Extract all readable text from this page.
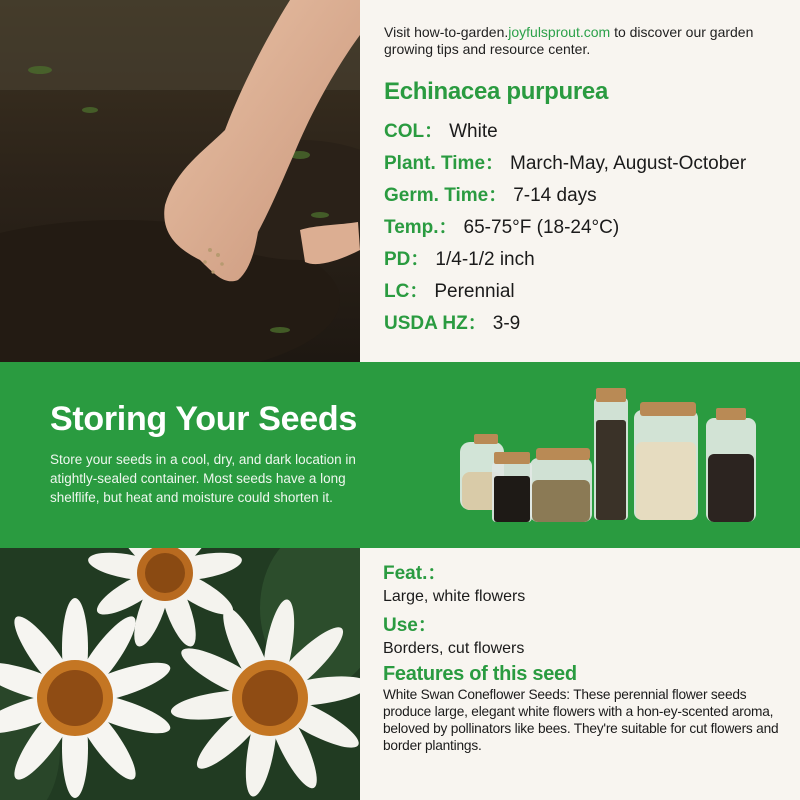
Visit how-to-garden.joyfulsprout.com to discover our garden growing tips and resource center.

Echinacea purpurea
COL： White
Plant. Time： March-May, August-October
Germ. Time： 7-14 days
Temp.： 65-75°F (18-24°C)
PD： 1/4-1/2 inch
LC： Perennial
USDA HZ： 3-9
Storing Your Seeds

Store your seeds in a cool, dry, and dark location in atightly-sealed container. Most seeds have a long shelflife, but heat and moisture could shorten it.

Feat.：
Large, white flowers
Use：
Borders, cut flowers
Features of this seed

White Swan Coneflower Seeds: These perennial flower seeds produce large, elegant white flowers with a hon-ey-scented aroma, beloved by pollinators like bees. They're suitable for cut flowers and border plantings.
